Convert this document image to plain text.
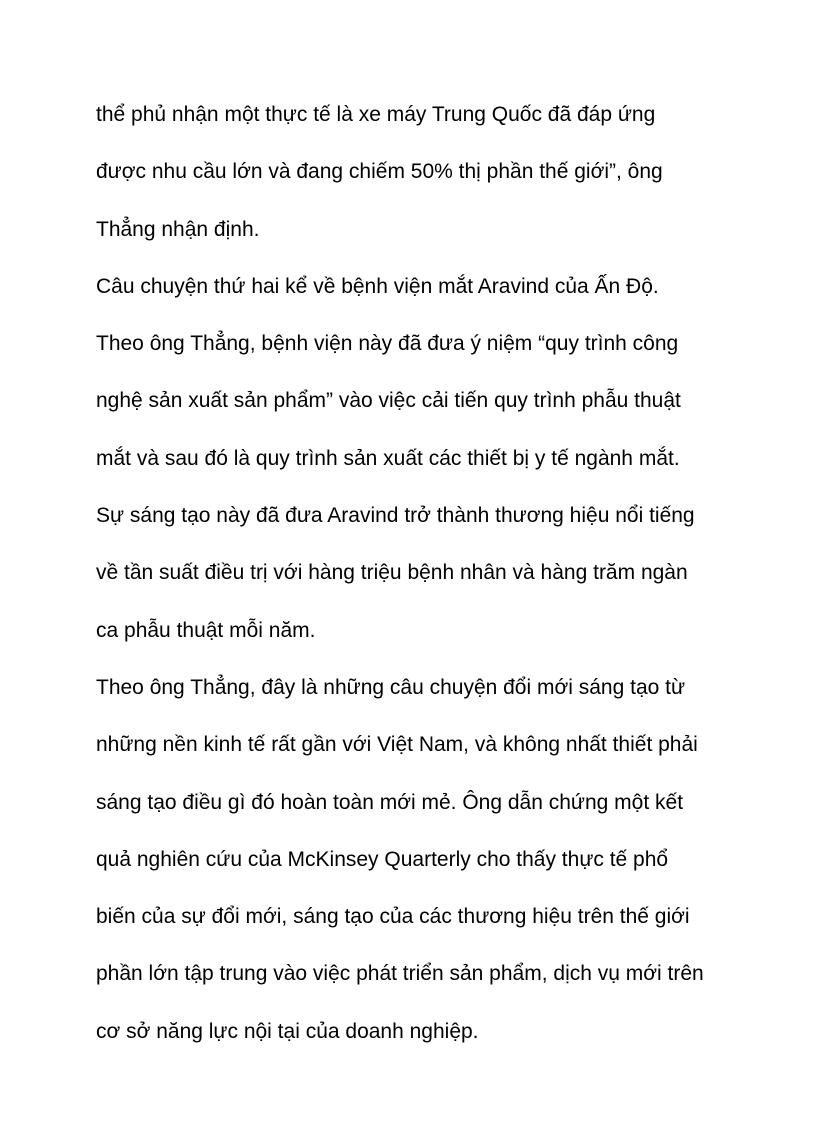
thể phủ nhận một thực tế là xe máy Trung Quốc đã đáp ứng
được nhu cầu lớn và đang chiếm 50% thị phần thế giới”, ông
Thẳng nhận định.
Câu chuyện thứ hai kể về bệnh viện mắt Aravind của Ấn Độ.
Theo ông Thẳng, bệnh viện này đã đưa ý niệm “quy trình công
nghệ sản xuất sản phẩm” vào việc cải tiến quy trình phẫu thuật
mắt và sau đó là quy trình sản xuất các thiết bị y tế ngành mắt.
Sự sáng tạo này đã đưa Aravind trở thành thương hiệu nổi tiếng
về tần suất điều trị với hàng triệu bệnh nhân và hàng trăm ngàn
ca phẫu thuật mỗi năm.
Theo ông Thẳng, đây là những câu chuyện đổi mới sáng tạo từ
những nền kinh tế rất gần với Việt Nam, và không nhất thiết phải
sáng tạo điều gì đó hoàn toàn mới mẻ. Ông dẫn chứng một kết
quả nghiên cứu của McKinsey Quarterly cho thấy thực tế phổ
biến của sự đổi mới, sáng tạo của các thương hiệu trên thế giới
phần lớn tập trung vào việc phát triển sản phẩm, dịch vụ mới trên
cơ sở năng lực nội tại của doanh nghiệp.
